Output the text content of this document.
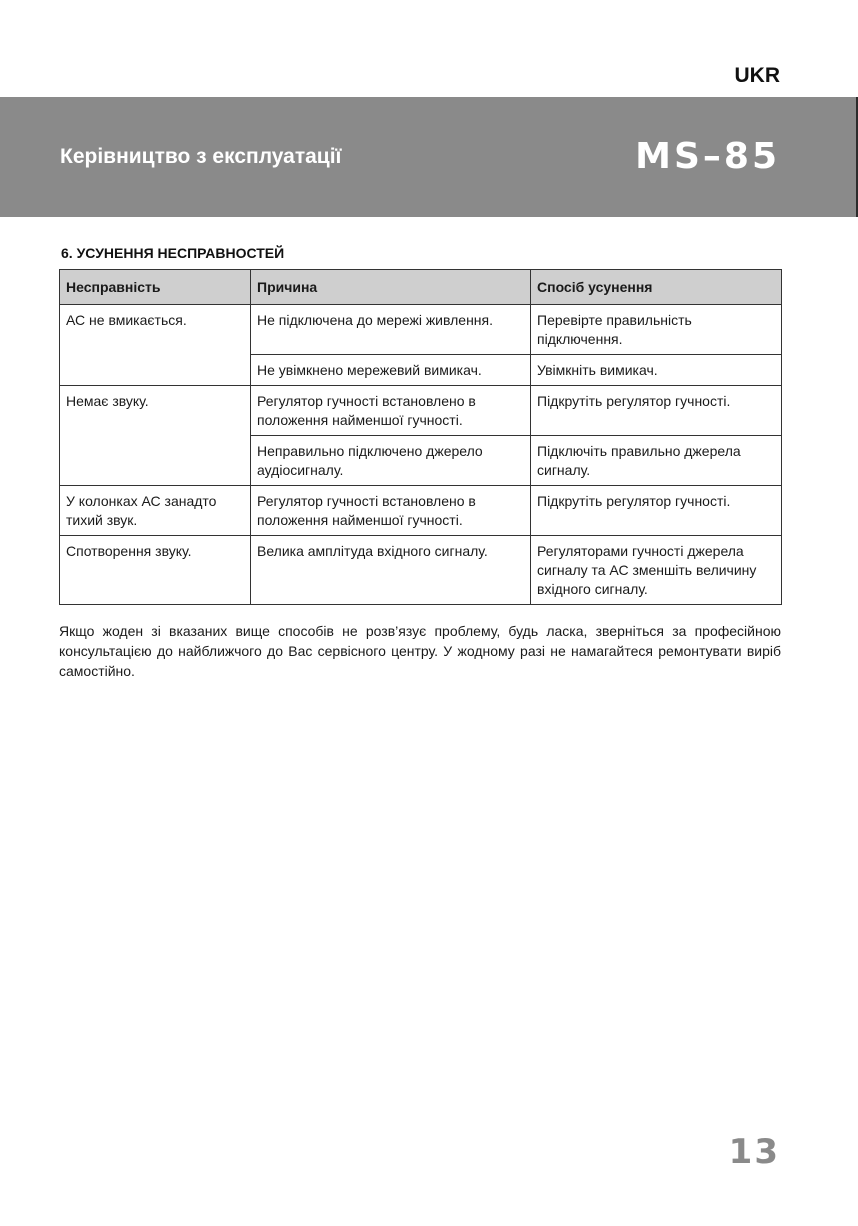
UKR
Керівництво з експлуатації	MS–85
6. УСУНЕННЯ НЕСПРАВНОСТЕЙ
Несправність	Причина	Спосіб усунення
АС не вмикається.	Не підключена до мережі живлення.	Перевірте правильність підключення.
	Не увімкнено мережевий вимикач.	Увімкніть вимикач.
Немає звуку.	Регулятор гучності встановлено в положення найменшої гучності.	Підкрутіть регулятор гучності.
	Неправильно підключено джерело аудіосигналу.	Підключіть правильно джерела сигналу.
У колонках АС занадто тихий звук.	Регулятор гучності встановлено в положення найменшої гучності.	Підкрутіть регулятор гучності.
Спотворення звуку.	Велика амплітуда вхідного сигналу.	Регуляторами гучності джерела сигналу та АС зменшіть величину вхідного сигналу.
Якщо жоден зі вказаних вище способів не розв’язує проблему, будь ласка, зверніться за професійною консультацією до найближчого до Вас сервісного центру. У жодному разі не намагайтеся ремонтувати виріб самостійно.
13
